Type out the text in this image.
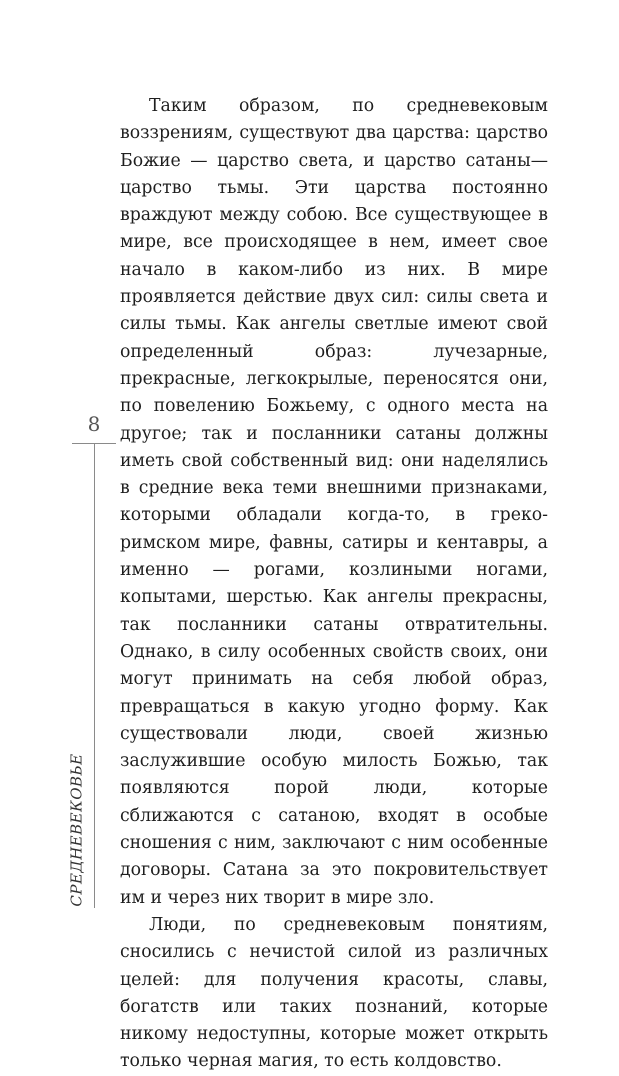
8
СРЕДНЕВЕКОВЬЕ

Таким образом, по средневековым воззрениям, существуют два царства: царство Божие — царство света, и царство сатаны—царство тьмы. Эти царства постоянно враждуют между собою. Все существующее в мире, все происходящее в нем, имеет свое начало в каком-либо из них. В мире проявляется действие двух сил: силы света и силы тьмы. Как ангелы светлые имеют свой определенный образ: лучезарные, прекрасные, легкокрылые, переносятся они, по повелению Божьему, с одного места на другое; так и посланники сатаны должны иметь свой собственный вид: они наделялись в средние века теми внешними признаками, которыми обладали когда-то, в греко-римском мире, фавны, сатиры и кентавры, а именно — рогами, козлиными ногами, копытами, шерстью. Как ангелы прекрасны, так посланники сатаны отвратительны. Однако, в силу особенных свойств своих, они могут принимать на себя любой образ, превращаться в какую угодно форму. Как существовали люди, своей жизнью заслужившие особую милость Божью, так появляются порой люди, которые сближаются с сатаною, входят в особые сношения с ним, заключают с ним особенные договоры. Сатана за это покровительствует им и через них творит в мире зло.

Люди, по средневековым понятиям, сносились с нечистой силой из различных целей: для получения красоты, славы, богатств или таких познаний, которые никому недоступны, которые может открыть только черная магия, то есть колдовство.
